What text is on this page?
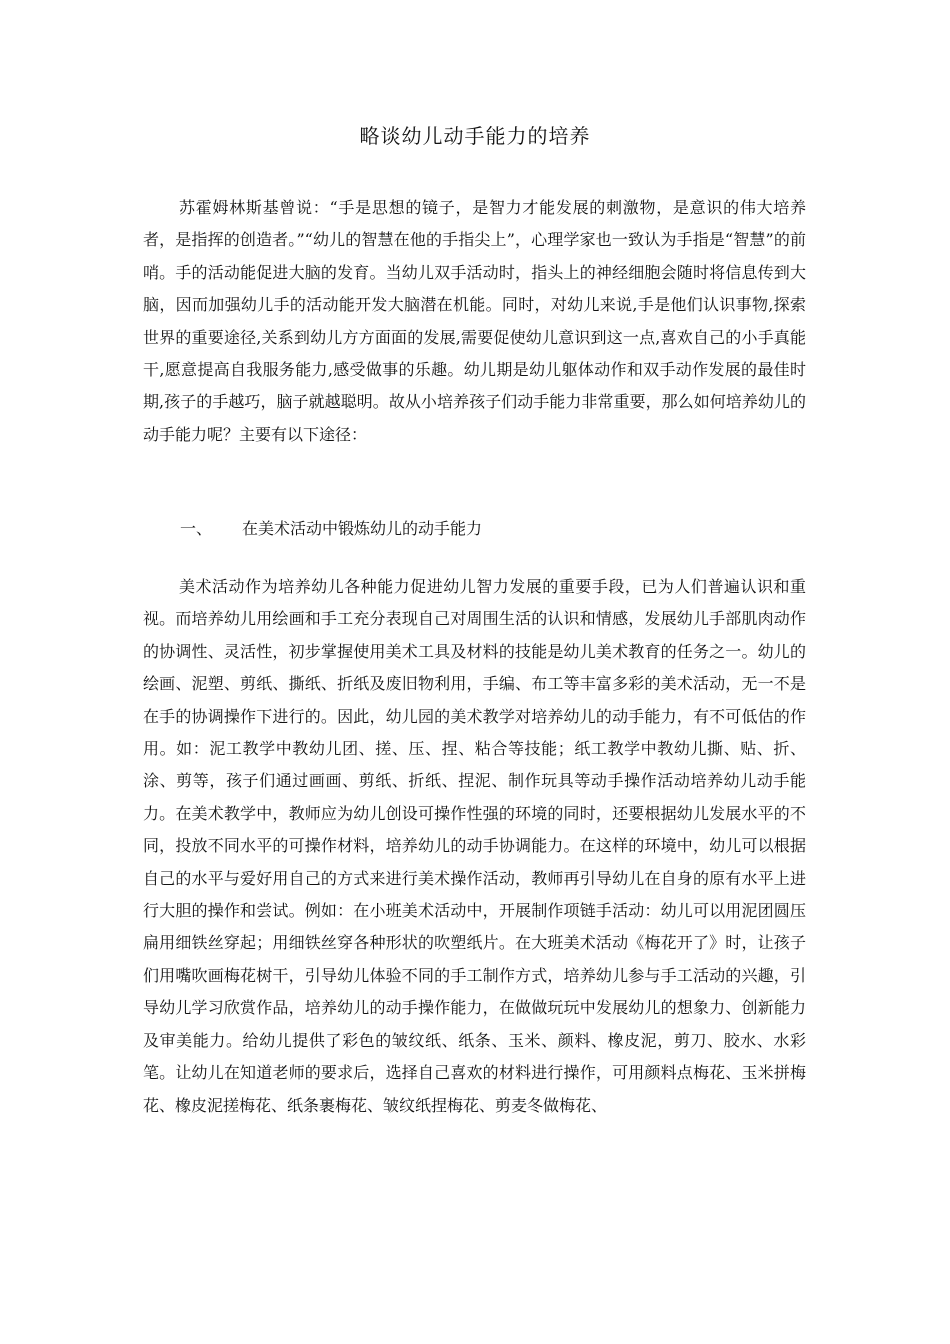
略谈幼儿动手能力的培养

苏霍姆林斯基曾说：“手是思想的镜子，是智力才能发展的刺激物，是意识的伟大培养者，是指挥的创造者。”“幼儿的智慧在他的手指尖上”，心理学家也一致认为手指是“智慧”的前哨。手的活动能促进大脑的发育。当幼儿双手活动时，指头上的神经细胞会随时将信息传到大脑，因而加强幼儿手的活动能开发大脑潜在机能。同时，对幼儿来说,手是他们认识事物,探索世界的重要途径,关系到幼儿方方面面的发展,需要促使幼儿意识到这一点,喜欢自己的小手真能干,愿意提高自我服务能力,感受做事的乐趣。幼儿期是幼儿躯体动作和双手动作发展的最佳时期,孩子的手越巧，脑子就越聪明。故从小培养孩子们动手能力非常重要，那么如何培养幼儿的动手能力呢？主要有以下途径：

一、 在美术活动中锻炼幼儿的动手能力

美术活动作为培养幼儿各种能力促进幼儿智力发展的重要手段，已为人们普遍认识和重视。而培养幼儿用绘画和手工充分表现自己对周围生活的认识和情感，发展幼儿手部肌肉动作的协调性、灵活性，初步掌握使用美术工具及材料的技能是幼儿美术教育的任务之一。幼儿的绘画、泥塑、剪纸、撕纸、折纸及废旧物利用，手编、布工等丰富多彩的美术活动，无一不是在手的协调操作下进行的。因此，幼儿园的美术教学对培养幼儿的动手能力，有不可低估的作用。如：泥工教学中教幼儿团、搓、压、捏、粘合等技能；纸工教学中教幼儿撕、贴、折、涂、剪等，孩子们通过画画、剪纸、折纸、捏泥、制作玩具等动手操作活动培养幼儿动手能力。在美术教学中，教师应为幼儿创设可操作性强的环境的同时，还要根据幼儿发展水平的不同，投放不同水平的可操作材料，培养幼儿的动手协调能力。在这样的环境中，幼儿可以根据自己的水平与爱好用自己的方式来进行美术操作活动，教师再引导幼儿在自身的原有水平上进行大胆的操作和尝试。例如：在小班美术活动中，开展制作项链手活动：幼儿可以用泥团圆压扁用细铁丝穿起；用细铁丝穿各种形状的吹塑纸片。在大班美术活动《梅花开了》时，让孩子们用嘴吹画梅花树干，引导幼儿体验不同的手工制作方式，培养幼儿参与手工活动的兴趣，引导幼儿学习欣赏作品，培养幼儿的动手操作能力，在做做玩玩中发展幼儿的想象力、创新能力及审美能力。给幼儿提供了彩色的皱纹纸、纸条、玉米、颜料、橡皮泥，剪刀、胶水、水彩笔。让幼儿在知道老师的要求后，选择自己喜欢的材料进行操作，可用颜料点梅花、玉米拼梅花、橡皮泥搓梅花、纸条裹梅花、皱纹纸捏梅花、剪麦冬做梅花、
